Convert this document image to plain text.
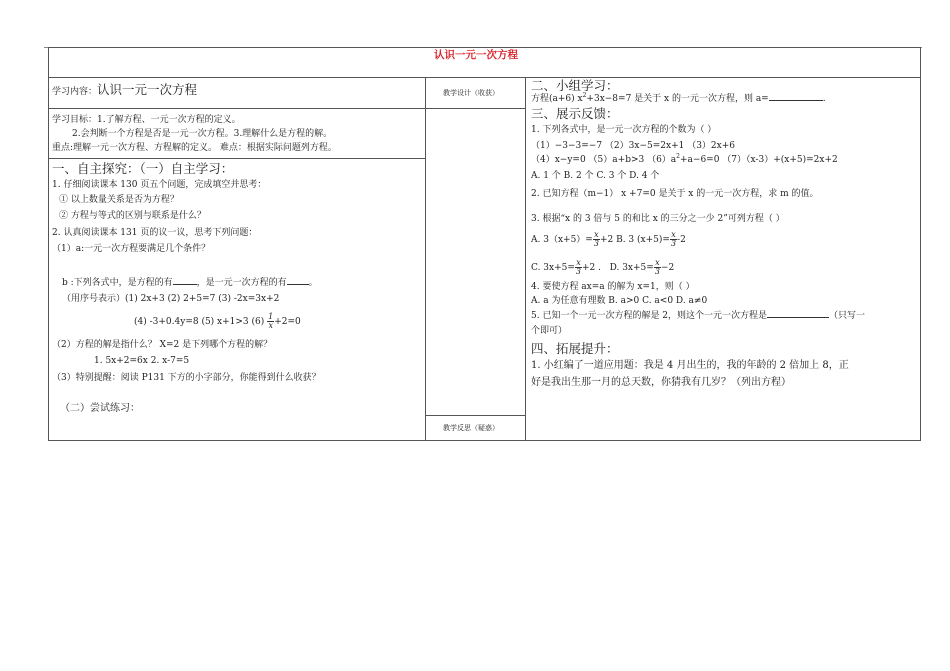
认识一元一次方程
学习内容：认识一元一次方程
学习目标：1.了解方程、一元一次方程的定义。
2.会判断一个方程是否是一元一次方程。3.理解什么是方程的解。
重点:理解一元一次方程、方程解的定义。 难点：根据实际问题列方程。
一、自主探究：（一）自主学习：
1. 仔细阅读课本 130 页五个问题，完成填空并思考：
① 以上数量关系是否为方程？
② 方程与等式的区别与联系是什么？
2. 认真阅读课本 131 页的议一议，思考下列问题：
（1）a:一元一次方程要满足几个条件？
b :下列各式中，是方程的有	，是一元一次方程的有 。
（用序号表示）(1) 2x+3 (2) 2+5=7 (3) -2x=3x+2
(4) -3+0.4y=8 (5) x+1>3 $(6) \frac{1}{x} +2=0$
（2）方程的解是指什么？ X=2 是下列哪个方程的解？
1. 5x+2=6x 2. x-7=5
（3）特别提醒：阅读 P131 下方的小字部分，你能得到什么收获？
（二）尝试练习：
教学设计（收获）
教学反思（疑惑）
二、小组学习：
方程(a+6) $x^2+3x-8=7$ 是关于 x 的一元一次方程，则 a=	.
三、展示反馈：
1. 下列各式中，是一元一次方程的个数为（ ）
（1）−3−3=−7 （2）3x−5=2x+1 （3）2x+6
（4）x−y=0 （5）a+b>3 $(6)a^2+a-6=0$ （7）（x-3）+(x+5)=2x+2
A. 1 个 B. 2 个 C. 3 个 D. 4 个
2. 已知方程（m−1） x +7=0 是关于 x 的一元一次方程，求 m 的值。
3. 根据“x 的 3 倍与 5 的和比 x 的三分之一少 2”可列方程（ ）
A. $3(x+5)= \frac{x}{3} +2$ B. 3 $(x+5)= \frac{x}{3} -2$
C. $3x+5= \frac{x}{3} +2$ . D. $3x+5= \frac{x}{3} -2$
4. 要使方程 ax=a 的解为 x=1，则（ ）
A. a 为任意有理数 B. a>0 C. a<0 D. a≠0
5. 已知一个一元一次方程的解是 2，则这个一元一次方程是	（只写一
个即可）
四、拓展提升：
1. 小红编了一道应用题：我是 4 月出生的，我的年龄的 2 倍加上 8，正
好是我出生那一月的总天数，你猜我有几岁？（列出方程）
